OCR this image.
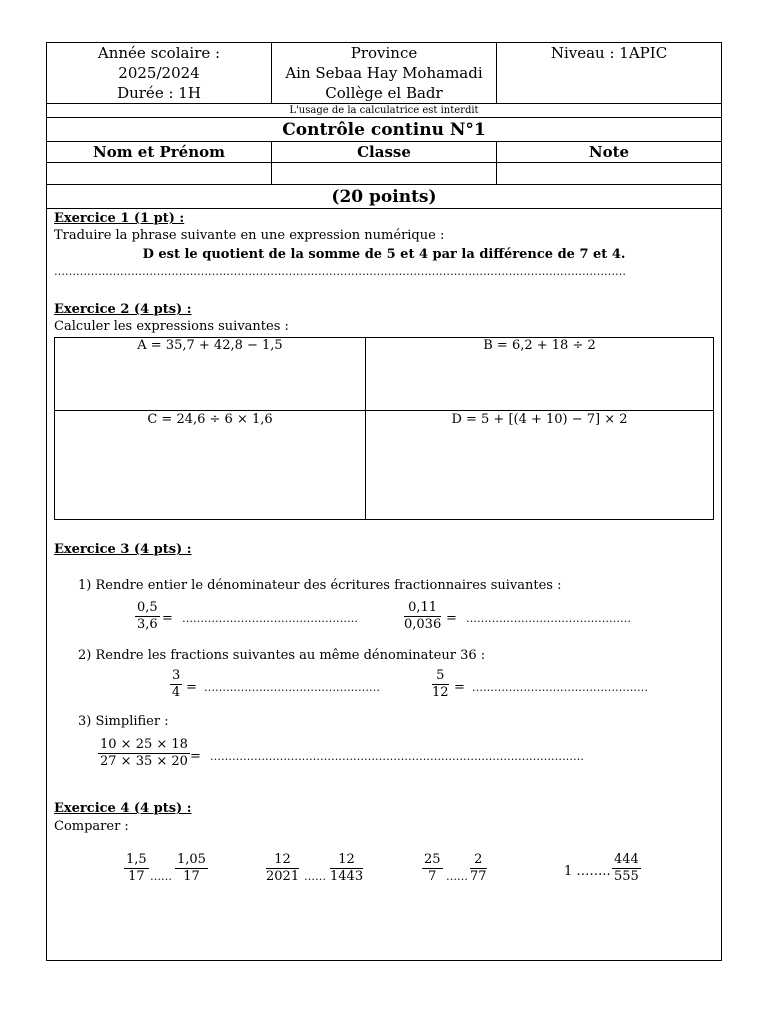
Année scolaire :
2025/2024
Durée : 1H
Province
Ain Sebaa Hay Mohamadi
Collège el Badr
Niveau : 1APIC
L'usage de la calculatrice est interdit
Contrôle continu N°1
Nom et Prénom	Classe	Note
(20 points)
Exercice 1 (1 pt) :
Traduire la phrase suivante en une expression numérique :
D est le quotient de la somme de 5 et 4 par la différence de 7 et 4.
…………………………………………………………………………………………………………………………………………
Exercice 2 (4 pts) :
Calculer les expressions suivantes :
A = 35,7 + 42,8 − 1,5	B = 6,2 + 18 ÷ 2
C = 24,6 ÷ 6 × 1,6	D = 5 + [(4 + 10) − 7] × 2
Exercice 3 (4 pts) :
1) Rendre entier le dénominateur des écritures fractionnaires suivantes :
$\frac{0,5}{3,6}$ = …………………………………………	$\frac{0,11}{0,036}$ = ………………………………………
2) Rendre les fractions suivantes au même dénominateur 36 :
$\frac{3}{4}$ = …………………………………………	$\frac{5}{12}$ = …………………………………………
3) Simplifier :
$\frac{10 \times 25 \times 18}{27 \times 35 \times 20}$ = …………………………………………………………………………………………
Exercice 4 (4 pts) :
Comparer :
$\frac{1,5}{17}$ …… $\frac{1,05}{17}$	$\frac{12}{2021}$ …… $\frac{12}{1443}$	$\frac{25}{7}$ …… $\frac{2}{77}$	1 …….. $\frac{444}{555}$
